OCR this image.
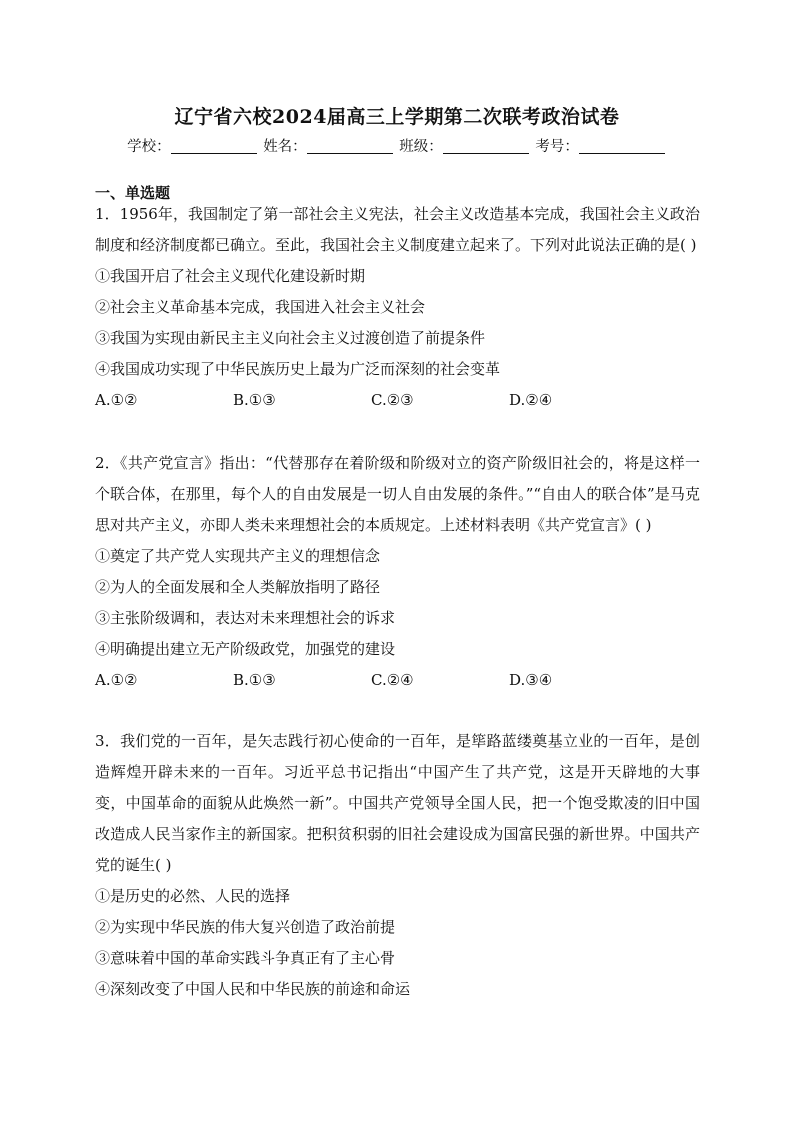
辽宁省六校2024届高三上学期第二次联考政治试卷
学校：	姓名：	班级：	考号：
一、单选题

1．1956年，我国制定了第一部社会主义宪法，社会主义改造基本完成，我国社会主义政治制度和经济制度都已确立。至此，我国社会主义制度建立起来了。下列对此说法正确的是( )

①我国开启了社会主义现代化建设新时期

②社会主义革命基本完成，我国进入社会主义社会

③我国为实现由新民主主义向社会主义过渡创造了前提条件

④我国成功实现了中华民族历史上最为广泛而深刻的社会变革

A.①②	B.①③	C.②③	D.②④

2．《共产党宣言》指出：“代替那存在着阶级和阶级对立的资产阶级旧社会的，将是这样一个联合体，在那里，每个人的自由发展是一切人自由发展的条件。”“自由人的联合体”是马克思对共产主义，亦即人类未来理想社会的本质规定。上述材料表明《共产党宣言》( )

①奠定了共产党人实现共产主义的理想信念

②为人的全面发展和全人类解放指明了路径

③主张阶级调和，表达对未来理想社会的诉求

④明确提出建立无产阶级政党，加强党的建设

A.①②	B.①③	C.②④	D.③④

3．我们党的一百年，是矢志践行初心使命的一百年，是筚路蓝缕奠基立业的一百年，是创造辉煌开辟未来的一百年。习近平总书记指出“中国产生了共产党，这是开天辟地的大事变，中国革命的面貌从此焕然一新”。中国共产党领导全国人民，把一个饱受欺凌的旧中国改造成人民当家作主的新国家。把积贫积弱的旧社会建设成为国富民强的新世界。中国共产党的诞生( )

①是历史的必然、人民的选择

②为实现中华民族的伟大复兴创造了政治前提

③意味着中国的革命实践斗争真正有了主心骨

④深刻改变了中国人民和中华民族的前途和命运
